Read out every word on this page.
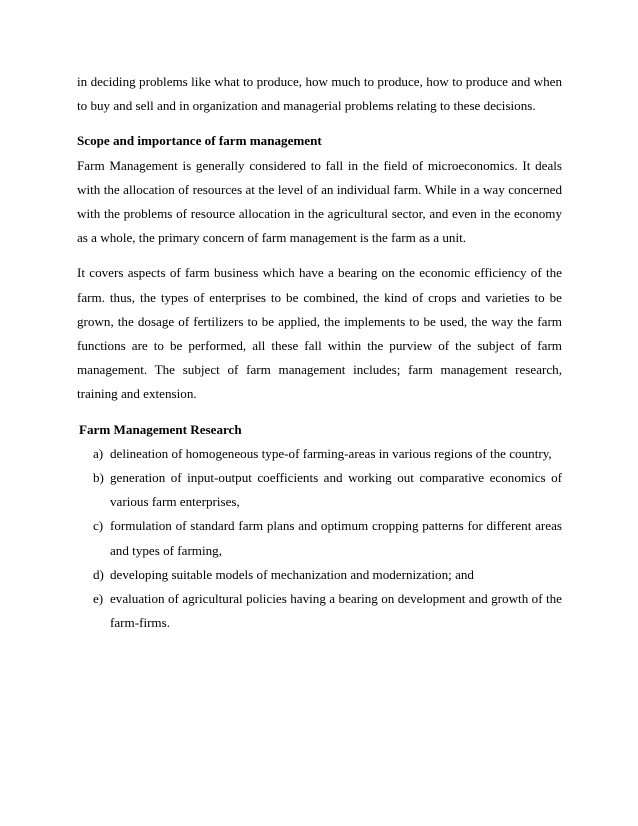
in deciding problems like what to produce, how much to produce, how to produce and when to buy and sell and in organization and managerial problems relating to these decisions.

Scope and importance of farm management

Farm Management is generally considered to fall in the field of microeconomics. It deals with the allocation of resources at the level of an individual farm. While in a way concerned with the problems of resource allocation in the agricultural sector, and even in the economy as a whole, the primary concern of farm management is the farm as a unit.

It covers aspects of farm business which have a bearing on the economic efficiency of the farm. thus, the types of enterprises to be combined, the kind of crops and varieties to be grown, the dosage of fertilizers to be applied, the implements to be used, the way the farm functions are to be performed, all these fall within the purview of the subject of farm management. The subject of farm management includes; farm management research, training and extension.

Farm Management Research

a) delineation of homogeneous type-of farming-areas in various regions of the country,
b) generation of input-output coefficients and working out comparative economics of various farm enterprises,
c) formulation of standard farm plans and optimum cropping patterns for different areas and types of farming,
d) developing suitable models of mechanization and modernization; and
e) evaluation of agricultural policies having a bearing on development and growth of the farm-firms.
